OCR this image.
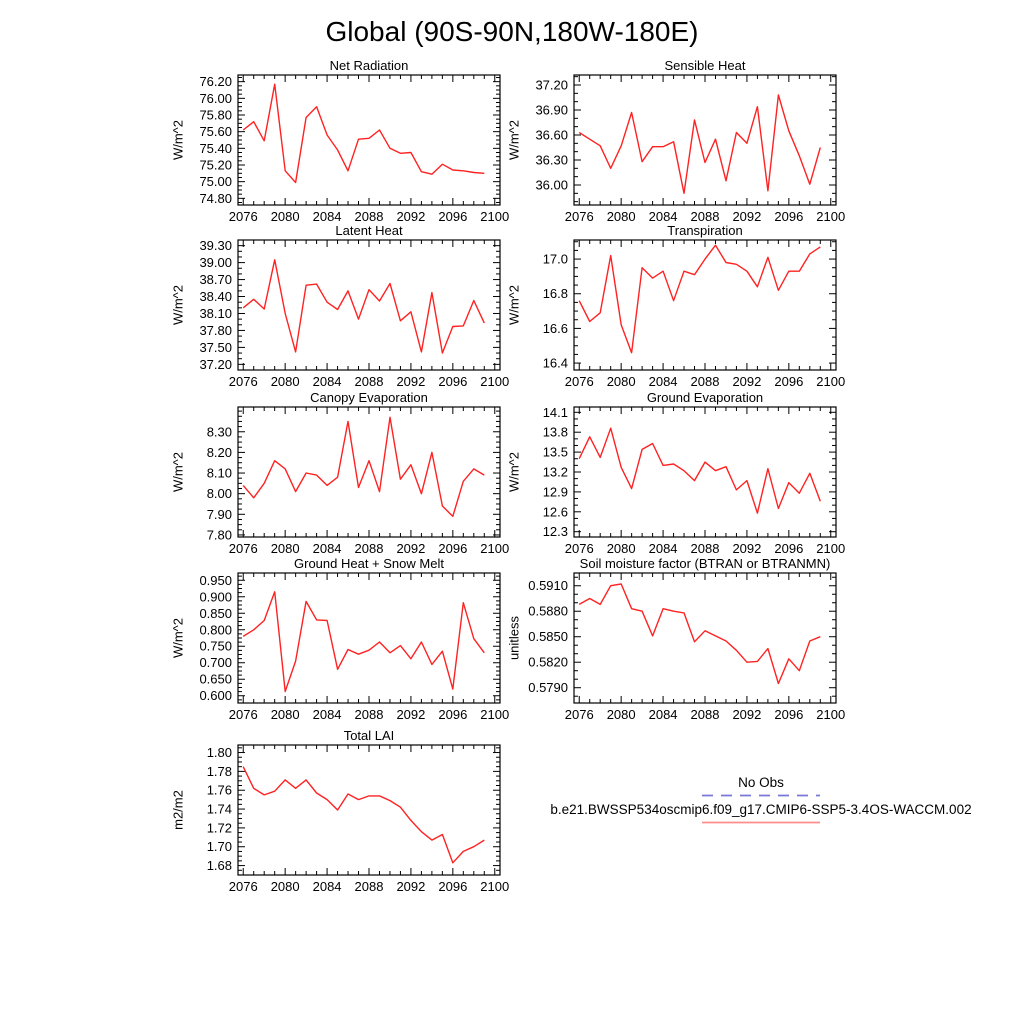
Global (90S-90N,180W-180E)
2076 2080 2084 2088 2092 2096 2100
74.80
75.00
75.20
75.40
75.60
75.80
76.00
76.20
Net Radiation
W/m^2
2076 2080 2084 2088 2092 2096 2100
36.00
36.30
36.60
36.90
37.20
Sensible Heat
W/m^2
2076 2080 2084 2088 2092 2096 2100
37.20
37.50
37.80
38.10
38.40
38.70
39.00
39.30
Latent Heat
W/m^2
2076 2080 2084 2088 2092 2096 2100
16.4
16.6
16.8
17.0
Transpiration
W/m^2
2076 2080 2084 2088 2092 2096 2100
7.80
7.90
8.00
8.10
8.20
8.30
Canopy Evaporation
W/m^2
2076 2080 2084 2088 2092 2096 2100
12.3
12.6
12.9
13.2
13.5
13.8
14.1
Ground Evaporation
W/m^2
2076 2080 2084 2088 2092 2096 2100
0.600
0.650
0.700
0.750
0.800
0.850
0.900
0.950
Ground Heat + Snow Melt
W/m^2
2076 2080 2084 2088 2092 2096 2100
0.5790
0.5820
0.5850
0.5880
0.5910
Soil moisture factor (BTRAN or BTRANMN)
unitless
2076 2080 2084 2088 2092 2096 2100
1.68
1.70
1.72
1.74
1.76
1.78
1.80
Total LAI
m2/m2
No Obs
b.e21.BWSSP534oscmip6.f09_g17.CMIP6-SSP5-3.4OS-WACCM.002
